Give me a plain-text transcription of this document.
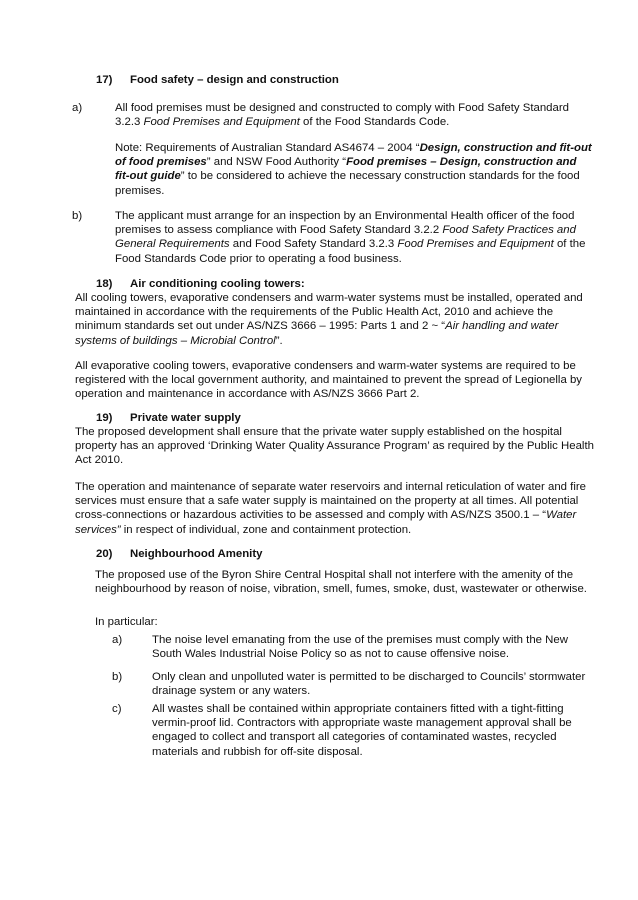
17) Food safety – design and construction
a)	All food premises must be designed and constructed to comply with Food Safety Standard 3.2.3 Food Premises and Equipment of the Food Standards Code.

Note: Requirements of Australian Standard AS4674 – 2004 “Design, construction and fit-out of food premises” and NSW Food Authority “Food premises – Design, construction and fit-out guide” to be considered to achieve the necessary construction standards for the food premises.

b)	The applicant must arrange for an inspection by an Environmental Health officer of the food premises to assess compliance with Food Safety Standard 3.2.2 Food Safety Practices and General Requirements and Food Safety Standard 3.2.3 Food Premises and Equipment of the Food Standards Code prior to operating a food business.

18) Air conditioning cooling towers:

All cooling towers, evaporative condensers and warm-water systems must be installed, operated and maintained in accordance with the requirements of the Public Health Act, 2010 and achieve the minimum standards set out under AS/NZS 3666 – 1995: Parts 1 and 2 ~ “Air handling and water systems of buildings – Microbial Control”.

All evaporative cooling towers, evaporative condensers and warm-water systems are required to be registered with the local government authority, and maintained to prevent the spread of Legionella by operation and maintenance in accordance with AS/NZS 3666 Part 2.

19) Private water supply

The proposed development shall ensure that the private water supply established on the hospital property has an approved ‘Drinking Water Quality Assurance Program’ as required by the Public Health Act 2010.

The operation and maintenance of separate water reservoirs and internal reticulation of water and fire services must ensure that a safe water supply is maintained on the property at all times. All potential cross-connections or hazardous activities to be assessed and comply with AS/NZS 3500.1 – “Water services” in respect of individual, zone and containment protection.

20) Neighbourhood Amenity

The proposed use of the Byron Shire Central Hospital shall not interfere with the amenity of the neighbourhood by reason of noise, vibration, smell, fumes, smoke, dust, wastewater or otherwise.

In particular:

a)	The noise level emanating from the use of the premises must comply with the New South Wales Industrial Noise Policy so as not to cause offensive noise.

b)	Only clean and unpolluted water is permitted to be discharged to Councils’ stormwater drainage system or any waters.

c)	All wastes shall be contained within appropriate containers fitted with a tight-fitting vermin-proof lid. Contractors with appropriate waste management approval shall be engaged to collect and transport all categories of contaminated wastes, recycled materials and rubbish for off-site disposal.
